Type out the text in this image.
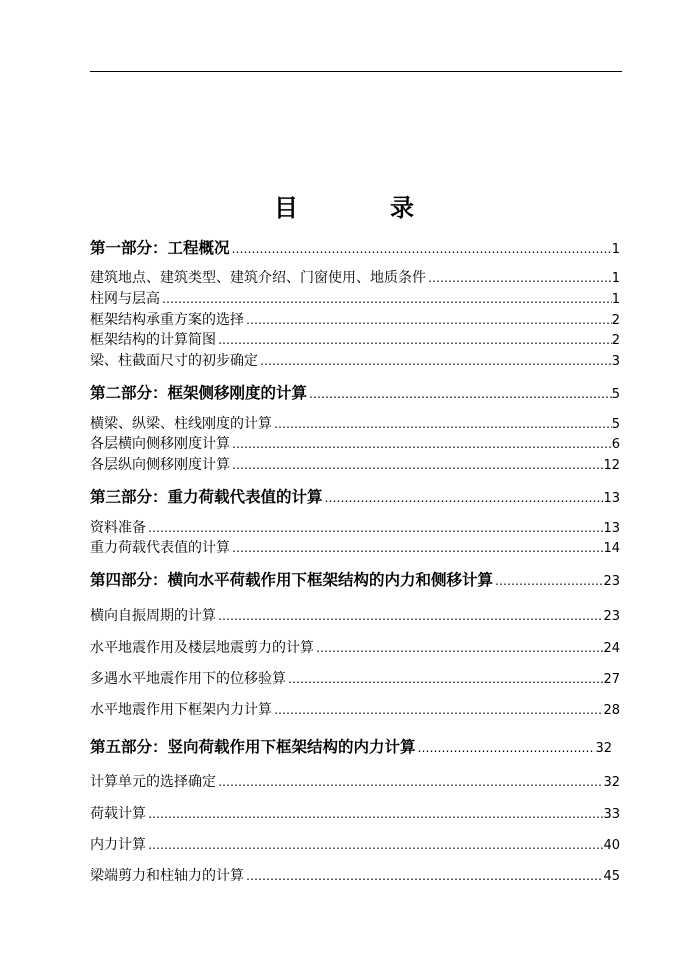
目　录
第一部分：工程概况 ……………………………………………………………………………………………………………………………………………………………………………………	1
建筑地点、建筑类型、建筑介绍、门窗使用、地质条件 ……………………………………………………………………………………………………………………………………………………………………………………	1
柱网与层高 ……………………………………………………………………………………………………………………………………………………………………………………	1
框架结构承重方案的选择 ……………………………………………………………………………………………………………………………………………………………………………………	2
框架结构的计算简图 ……………………………………………………………………………………………………………………………………………………………………………………	2
梁、柱截面尺寸的初步确定 ……………………………………………………………………………………………………………………………………………………………………………………	3
第二部分：框架侧移刚度的计算 ……………………………………………………………………………………………………………………………………………………………………………………	5
横梁、纵梁、柱线刚度的计算 ……………………………………………………………………………………………………………………………………………………………………………………	5
各层横向侧移刚度计算 ……………………………………………………………………………………………………………………………………………………………………………………	6
各层纵向侧移刚度计算 ……………………………………………………………………………………………………………………………………………………………………………………	12
第三部分：重力荷载代表值的计算 ……………………………………………………………………………………………………………………………………………………………………………………	13
资料准备 ……………………………………………………………………………………………………………………………………………………………………………………	13
重力荷载代表值的计算 ……………………………………………………………………………………………………………………………………………………………………………………	14
第四部分：横向水平荷载作用下框架结构的内力和侧移计算 ……………………………………………………………………………………………………………………………………………………………………………………	23
横向自振周期的计算 ……………………………………………………………………………………………………………………………………………………………………………………	23
水平地震作用及楼层地震剪力的计算 ……………………………………………………………………………………………………………………………………………………………………………………	24
多遇水平地震作用下的位移验算 ……………………………………………………………………………………………………………………………………………………………………………………	27
水平地震作用下框架内力计算 ……………………………………………………………………………………………………………………………………………………………………………………	28
第五部分：竖向荷载作用下框架结构的内力计算 ……………………………………………………………………………………………………………………………………………………………………………………	32
计算单元的选择确定 ……………………………………………………………………………………………………………………………………………………………………………………	32
荷载计算 ……………………………………………………………………………………………………………………………………………………………………………………	33
内力计算 ……………………………………………………………………………………………………………………………………………………………………………………	40
梁端剪力和柱轴力的计算 ……………………………………………………………………………………………………………………………………………………………………………………	45
